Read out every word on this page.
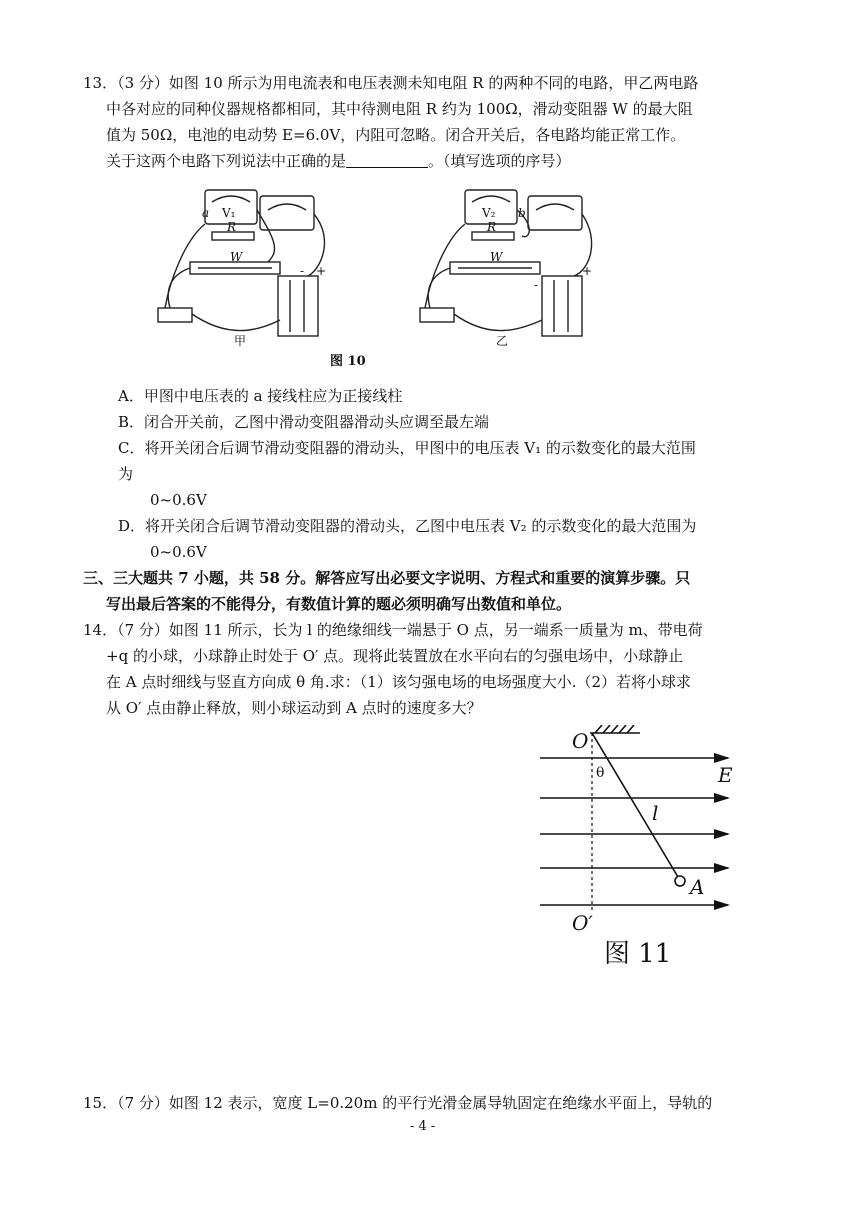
13．（3 分）如图 10 所示为用电流表和电压表测未知电阻 R 的两种不同的电路，甲乙两电路
中各对应的同种仪器规格都相同，其中待测电阻 R 约为 100Ω，滑动变阻器 W 的最大阻
值为 50Ω，电池的电动势 E=6.0V，内阻可忽略。闭合开关后，各电路均能正常工作。
关于这两个电路下列说法中正确的是	。（填写选项的序号）
a V₁
R
W
- +
V₂ b
R
W
-
+
甲	乙
图 10
A．甲图中电压表的 a 接线柱应为正接线柱
B．闭合开关前，乙图中滑动变阻器滑动头应调至最左端
C．将开关闭合后调节滑动变阻器的滑动头，甲图中的电压表 V₁ 的示数变化的最大范围
为
0~0.6V
D．将开关闭合后调节滑动变阻器的滑动头，乙图中电压表 V₂ 的示数变化的最大范围为
0~0.6V
三、三大题共 7 小题，共 58 分。解答应写出必要文字说明、方程式和重要的演算步骤。只
写出最后答案的不能得分，有数值计算的题必须明确写出数值和单位。
14．（7 分）如图 11 所示，长为 l 的绝缘细线一端悬于 O 点，另一端系一质量为 m、带电荷
+q 的小球，小球静止时处于 O′ 点。现将此装置放在水平向右的匀强电场中，小球静止
在 A 点时细线与竖直方向成 θ 角.求：（1）该匀强电场的电场强度大小.（2）若将小球求
从 O′ 点由静止释放，则小球运动到 A 点时的速度多大？
O
θ	E
l
A
O′
图 11
15．（7 分）如图 12 表示，宽度 L=0.20m 的平行光滑金属导轨固定在绝缘水平面上，导轨的
- 4 -
